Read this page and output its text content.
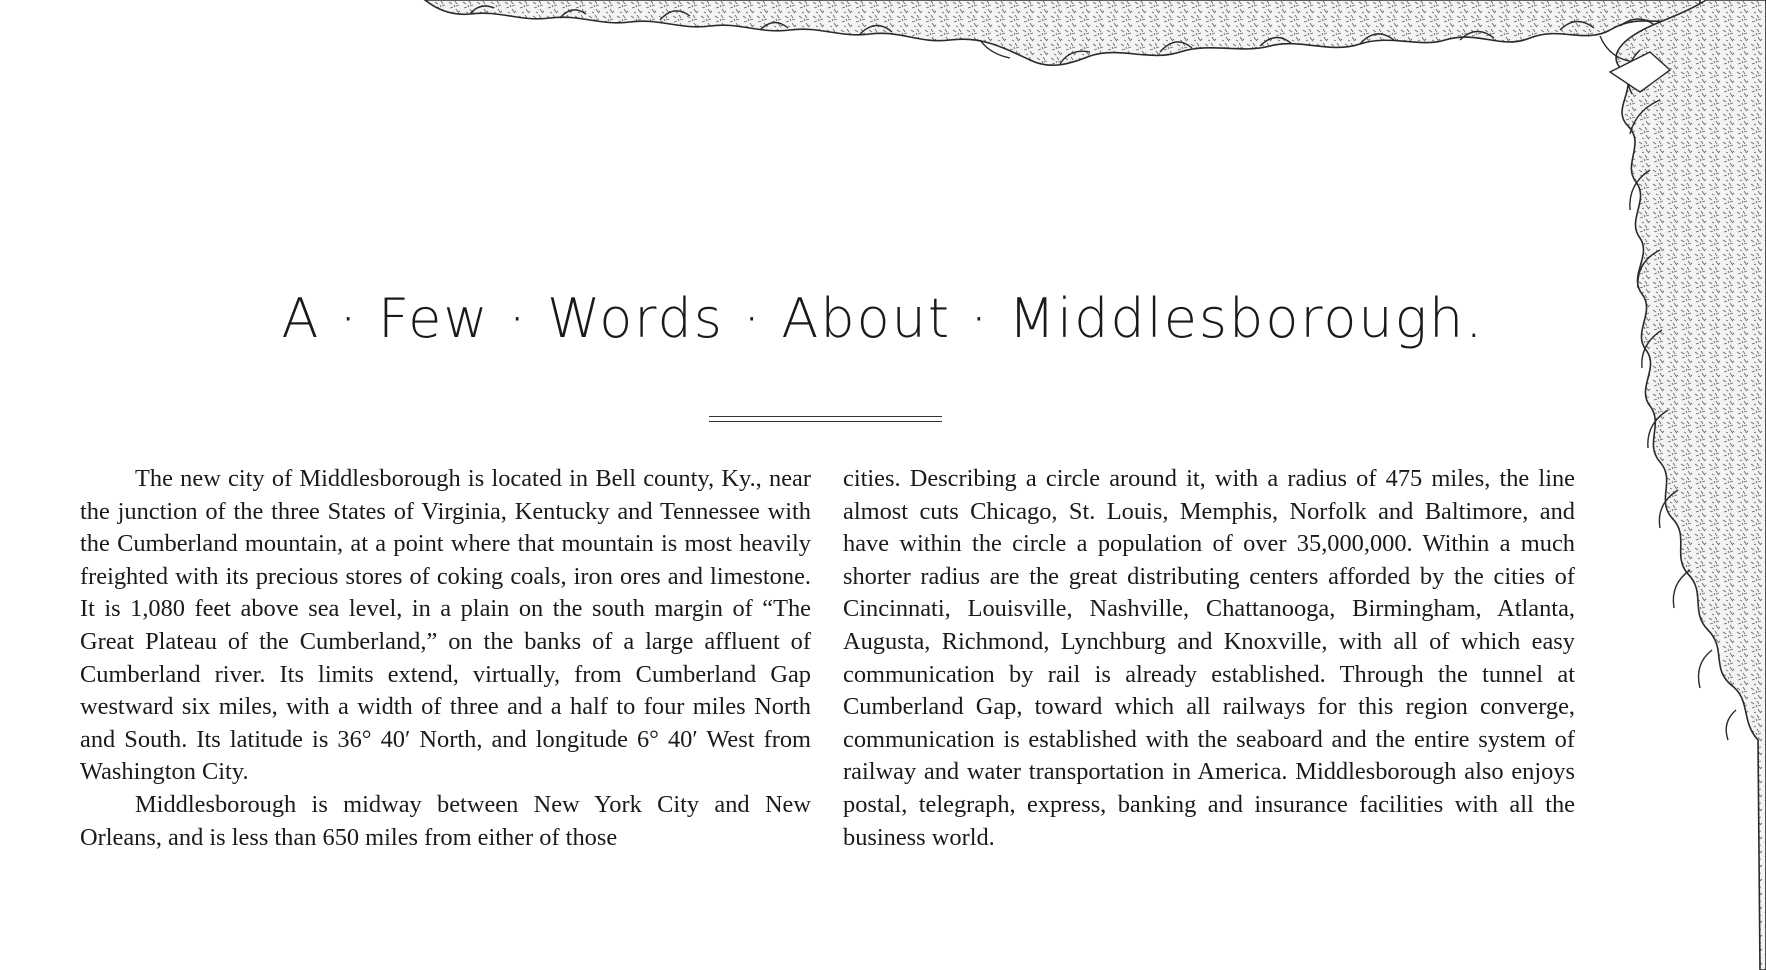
A · Few · Words · About · Middlesborough.

The new city of Middlesborough is located in Bell county, Ky., near the junction of the three States of Virginia, Kentucky and Tennessee with the Cumberland mountain, at a point where that mountain is most heavily freighted with its precious stores of coking coals, iron ores and limestone. It is 1,080 feet above sea level, in a plain on the south margin of “The Great Plateau of the Cumberland,” on the banks of a large affluent of Cumberland river. Its limits extend, virtually, from Cumberland Gap westward six miles, with a width of three and a half to four miles North and South. Its latitude is 36° 40′ North, and longitude 6° 40′ West from Washington City.

Middlesborough is midway between New York City and New Orleans, and is less than 650 miles from either of those

cities. Describing a circle around it, with a radius of 475 miles, the line almost cuts Chicago, St. Louis, Memphis, Norfolk and Baltimore, and have within the circle a population of over 35,000,000. Within a much shorter radius are the great distributing centers afforded by the cities of Cincinnati, Louisville, Nashville, Chattanooga, Birmingham, Atlanta, Augusta, Richmond, Lynchburg and Knoxville, with all of which easy communication by rail is already established. Through the tunnel at Cumberland Gap, toward which all railways for this region converge, communication is established with the seaboard and the entire system of railway and water transportation in America. Middlesborough also enjoys postal, telegraph, express, banking and insurance facilities with all the business world.
